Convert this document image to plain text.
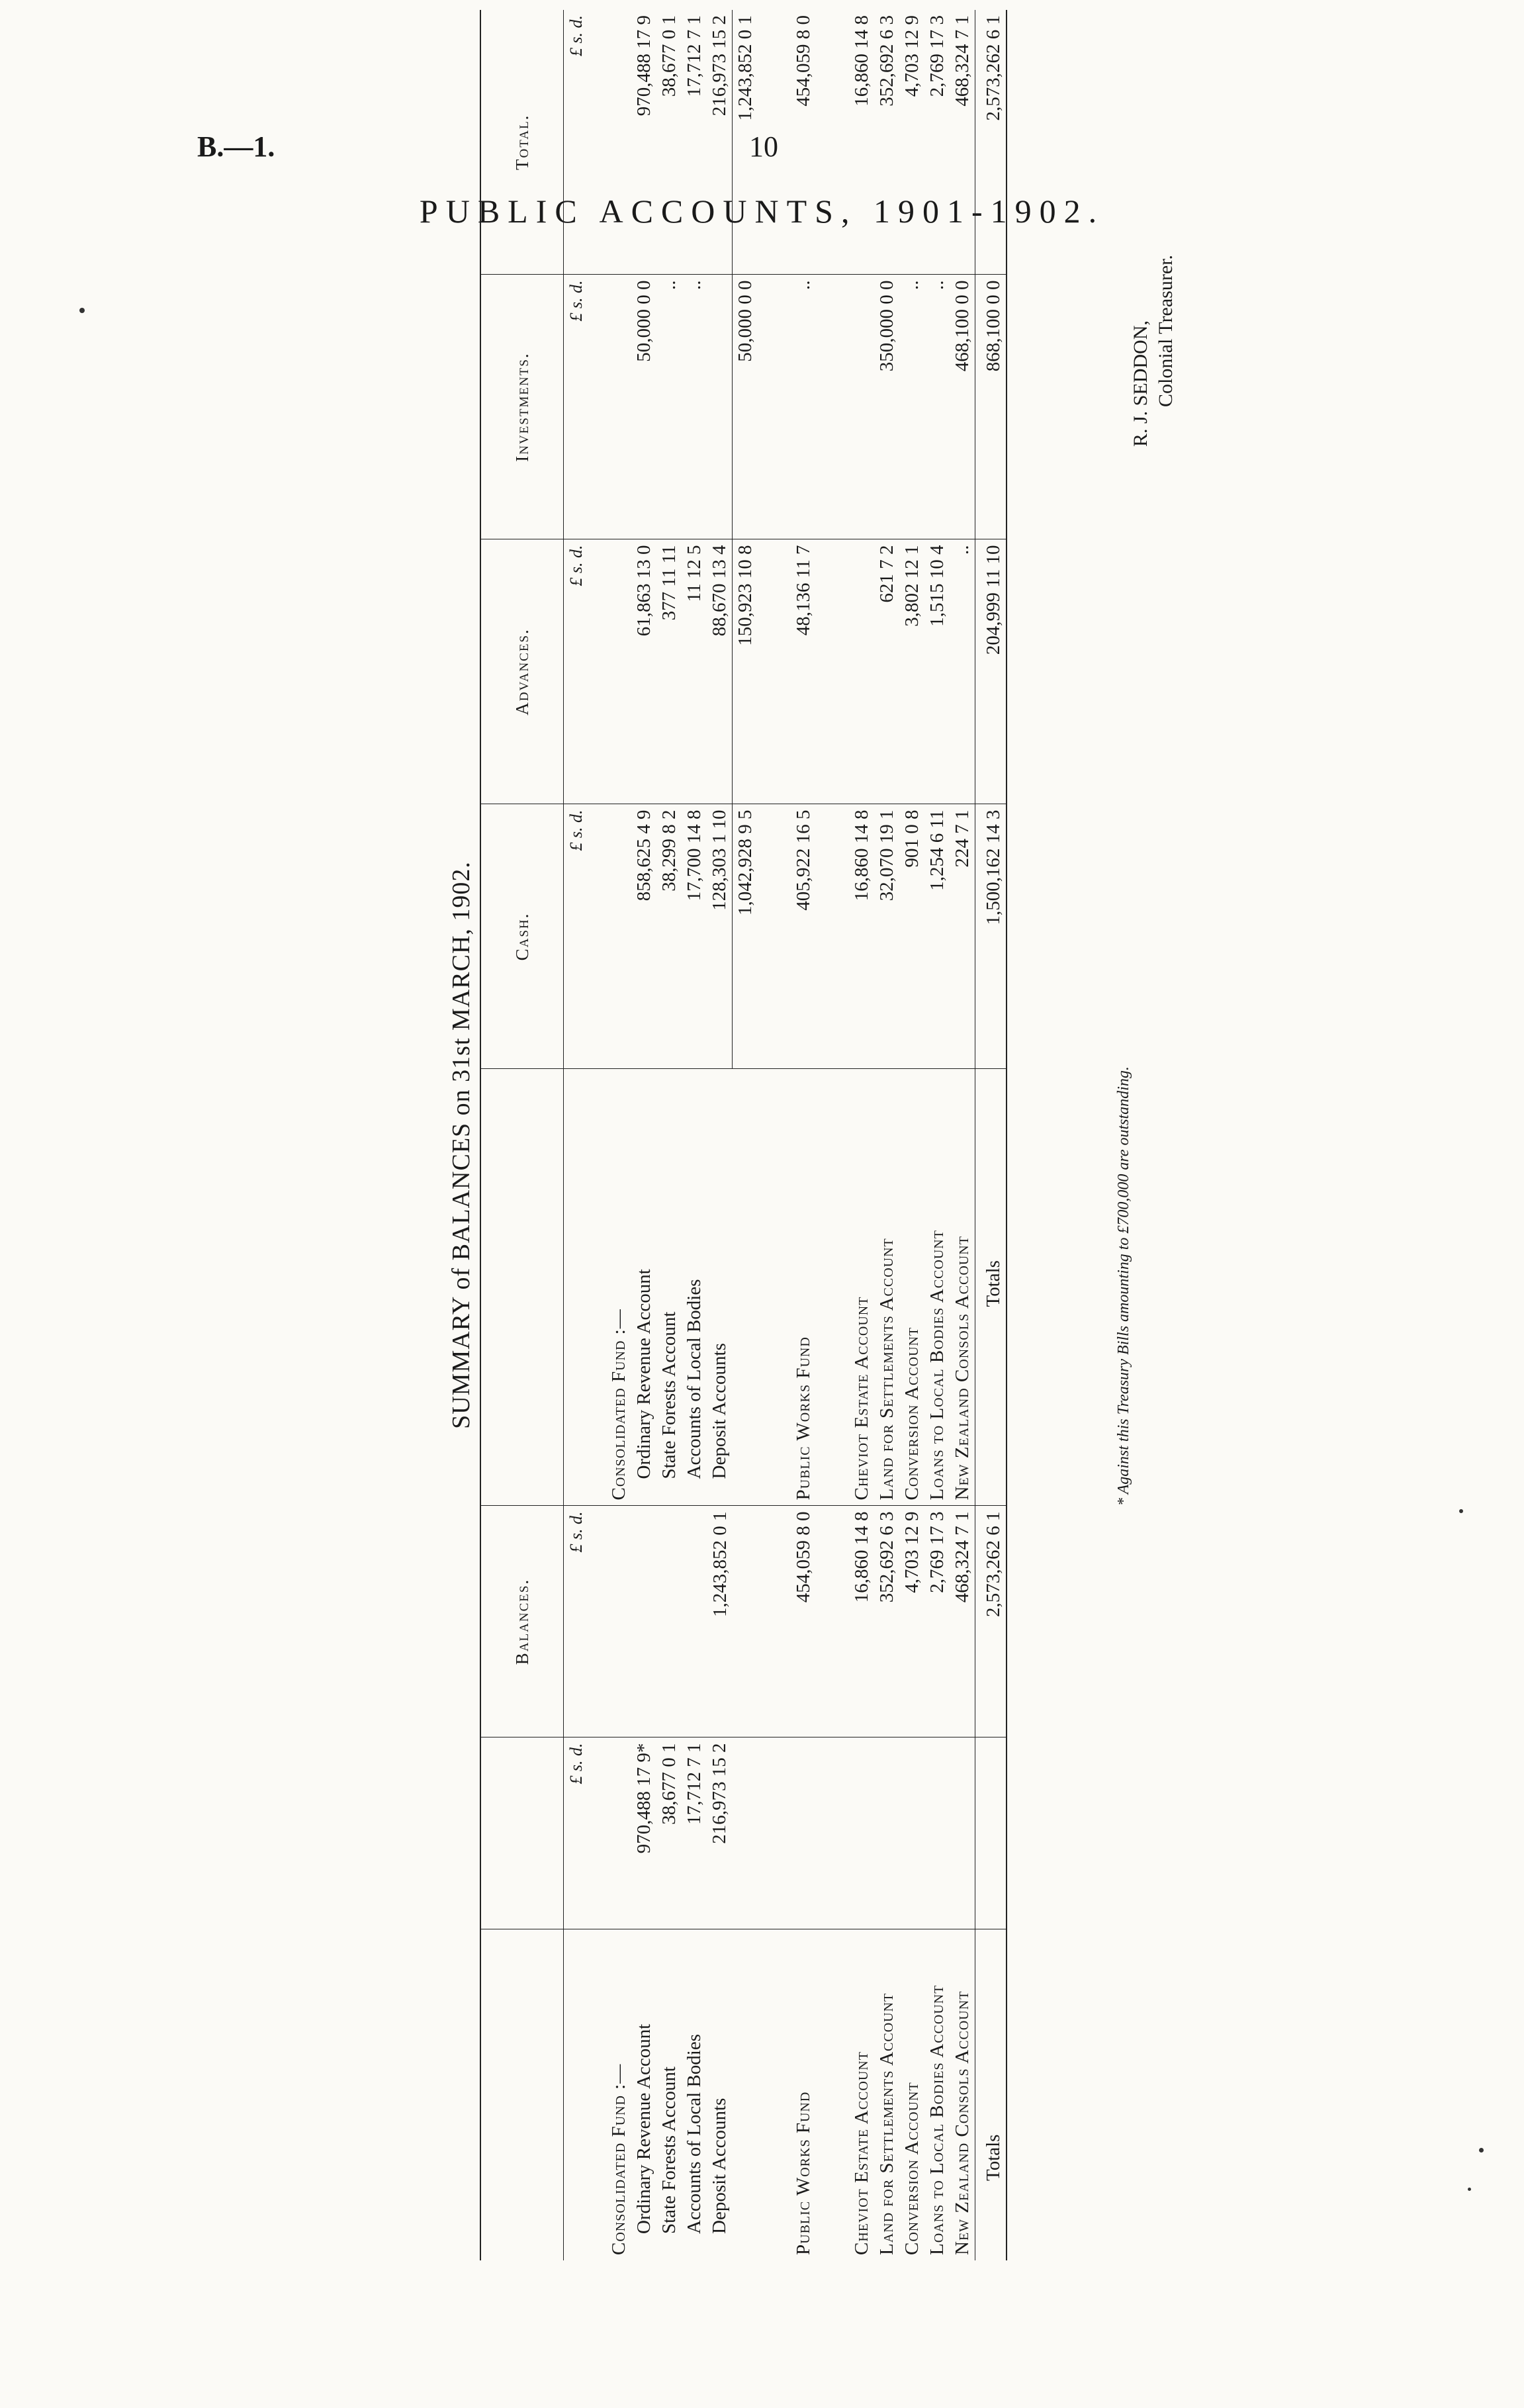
B.—1.	10
PUBLIC ACCOUNTS, 1901-1902.
SUMMARY of BALANCES on 31st MARCH, 1902.
		Balances.		Cash.	Advances.	Investments.	Total.
	£ s. d.	£ s. d.		£ s. d.	£ s. d.	£ s. d.	£ s. d.
Consolidated Fund :—			Consolidated Fund :—				
Ordinary Revenue Account	970,488 17 9*		Ordinary Revenue Account	858,625 4 9	61,863 13 0	50,000 0 0	970,488 17 9
State Forests Account	38,677 0 1		State Forests Account	38,299 8 2	377 11 11	..	38,677 0 1
Accounts of Local Bodies	17,712 7 1		Accounts of Local Bodies	17,700 14 8	11 12 5	..	17,712 7 1
Deposit Accounts	216,973 15 2	1,243,852 0 1	Deposit Accounts	128,303 1 10	88,670 13 4		216,973 15 2
				1,042,928 9 5	150,923 10 8	50,000 0 0	1,243,852 0 1

Public Works Fund		454,059 8 0	Public Works Fund	405,922 16 5	48,136 11 7	..	454,059 8 0

Cheviot Estate Account		16,860 14 8	Cheviot Estate Account	16,860 14 8			16,860 14 8
Land for Settlements Account		352,692 6 3	Land for Settlements Account	32,070 19 1	621 7 2	350,000 0 0	352,692 6 3
Conversion Account		4,703 12 9	Conversion Account	901 0 8	3,802 12 1	..	4,703 12 9
Loans to Local Bodies Account		2,769 17 3	Loans to Local Bodies Account	1,254 6 11	1,515 10 4	..	2,769 17 3
New Zealand Consols Account		468,324 7 1	New Zealand Consols Account	224 7 1	..	468,100 0 0	468,324 7 1
Totals		2,573,262 6 1	Totals	1,500,162 14 3	204,999 11 10	868,100 0 0	2,573,262 6 1
* Against this Treasury Bills amounting to £700,000 are outstanding.
R. J. SEDDON, Colonial Treasurer.
